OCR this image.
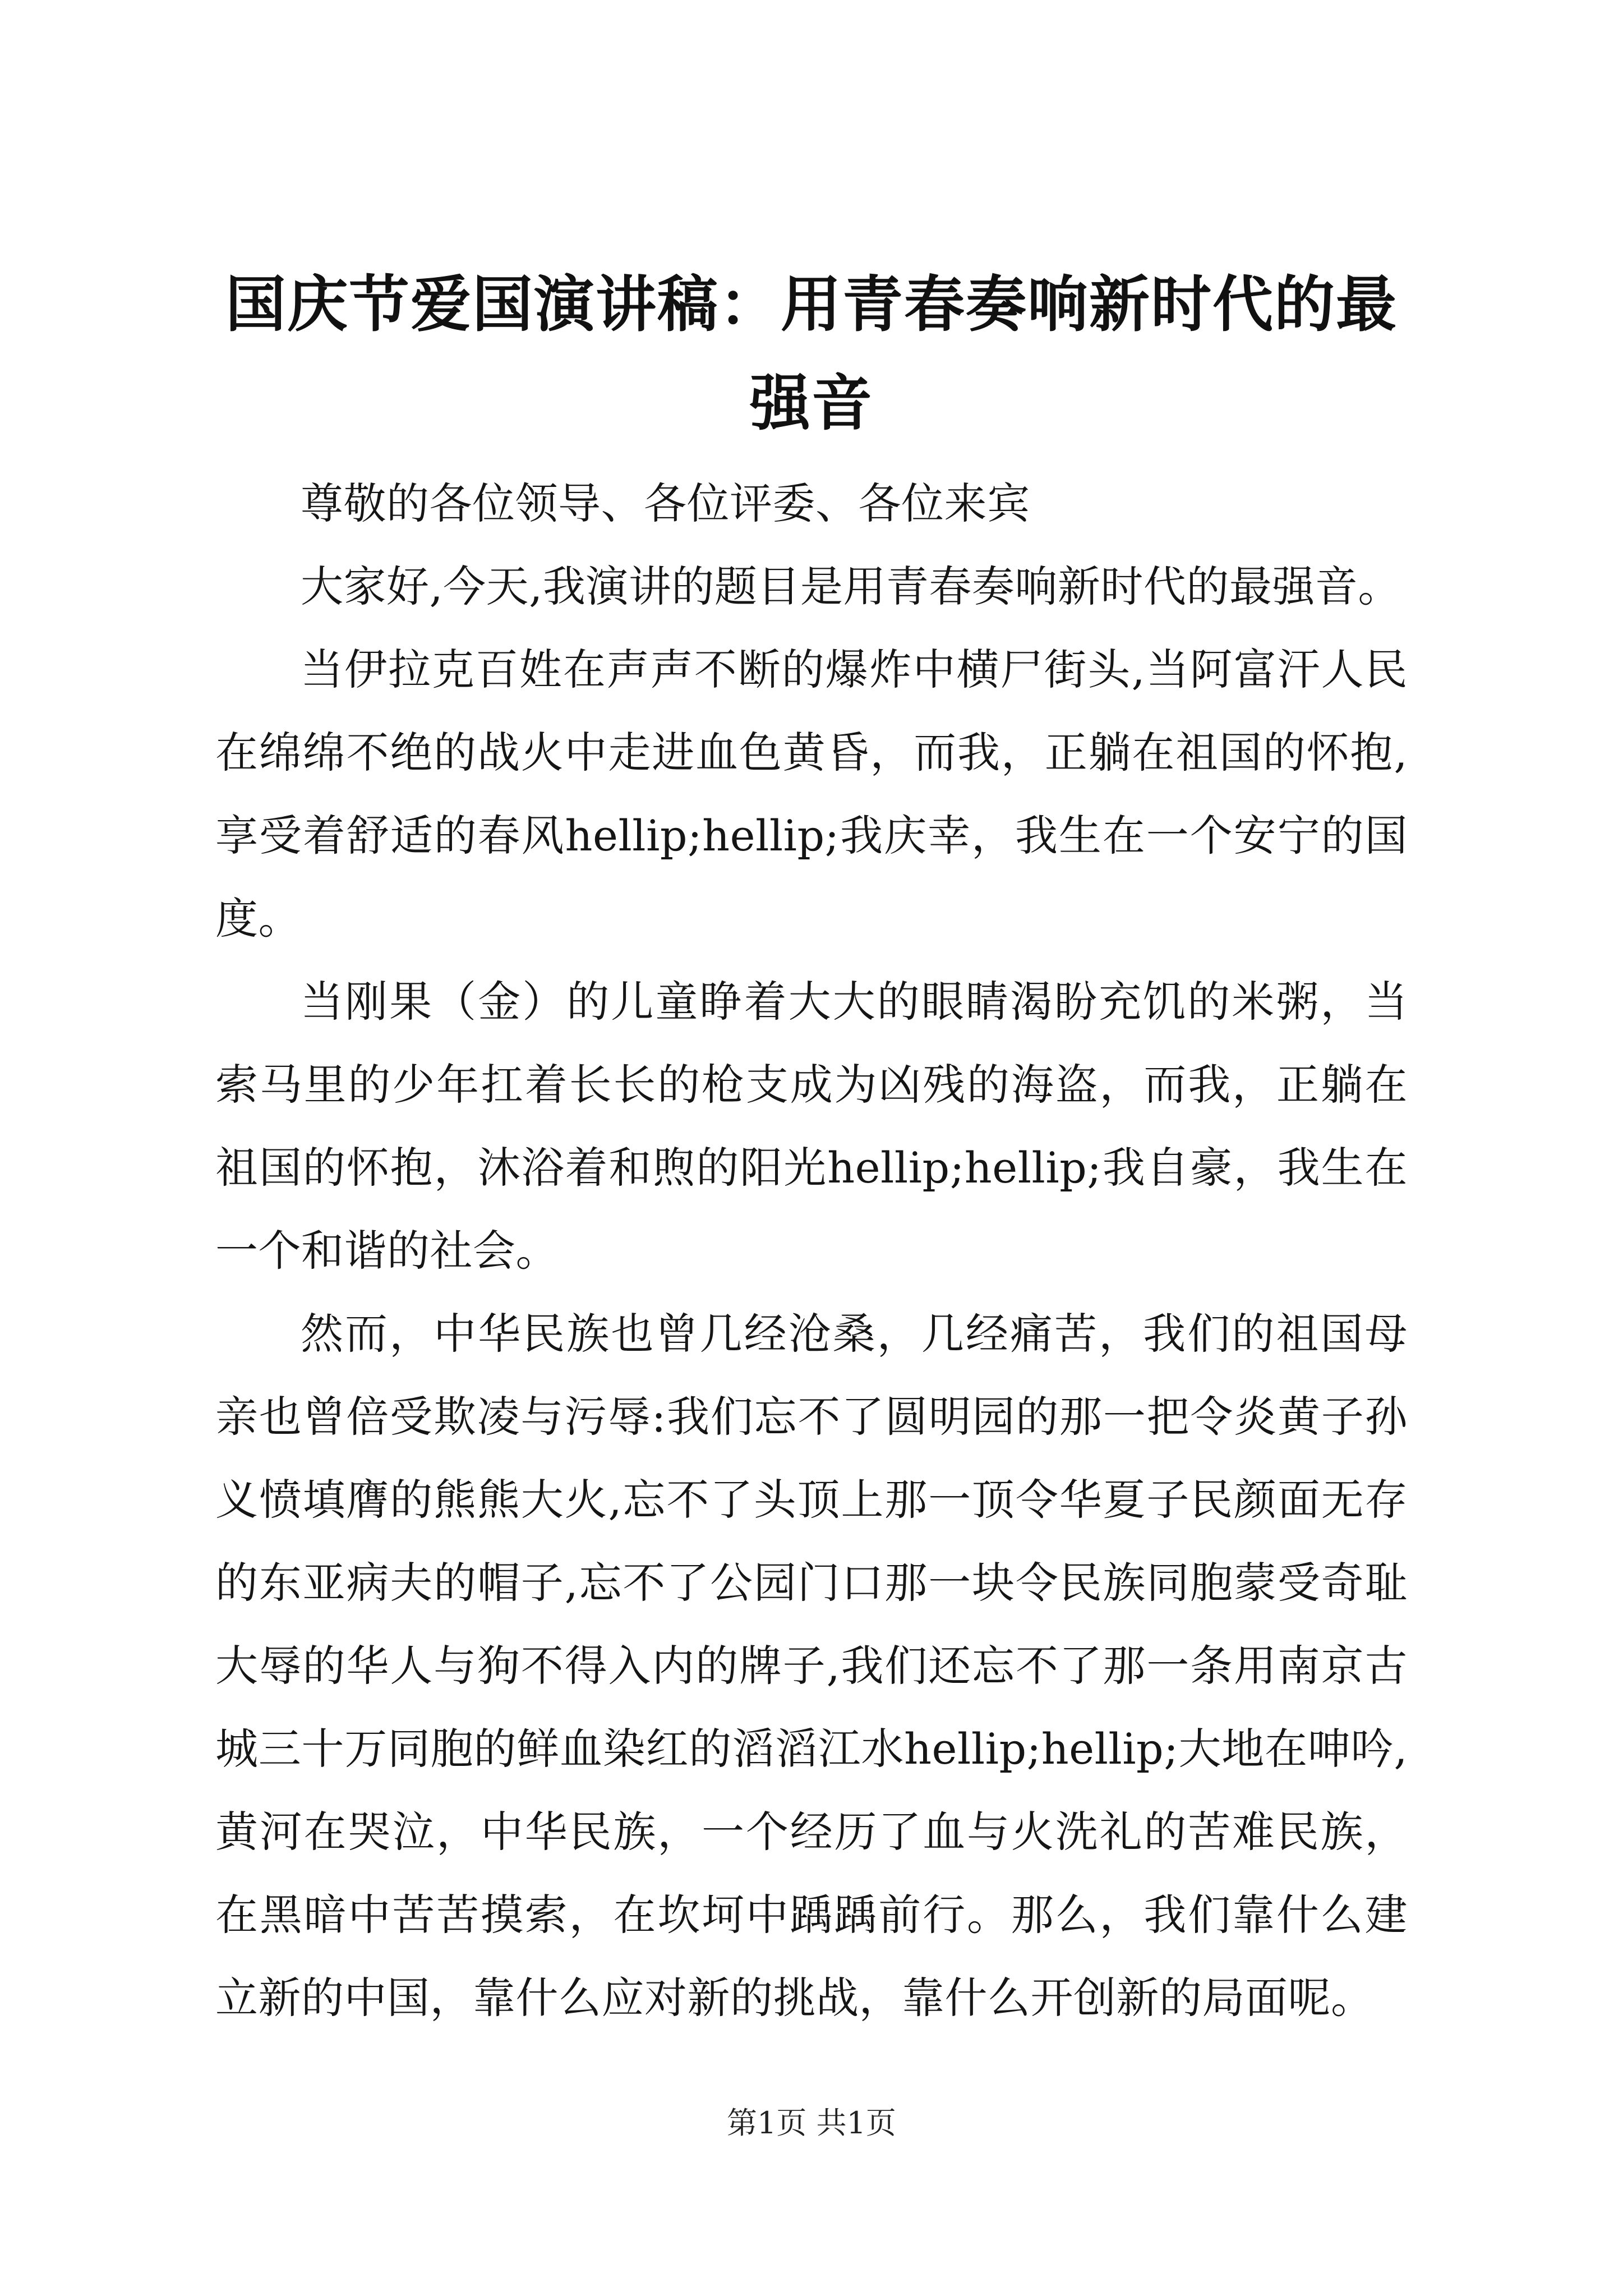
国庆节爱国演讲稿：用青春奏响新时代的最强音

尊敬的各位领导、各位评委、各位来宾

大家好,今天,我演讲的题目是用青春奏响新时代的最强音。

当伊拉克百姓在声声不断的爆炸中横尸街头,当阿富汗人民在绵绵不绝的战火中走进血色黄昏，而我，正躺在祖国的怀抱,享受着舒适的春风hellip;hellip;我庆幸，我生在一个安宁的国度。

当刚果（金）的儿童睁着大大的眼睛渴盼充饥的米粥，当索马里的少年扛着长长的枪支成为凶残的海盗，而我，正躺在祖国的怀抱，沐浴着和煦的阳光hellip;hellip;我自豪，我生在一个和谐的社会。

然而，中华民族也曾几经沧桑，几经痛苦，我们的祖国母亲也曾倍受欺凌与污辱:我们忘不了圆明园的那一把令炎黄子孙义愤填膺的熊熊大火,忘不了头顶上那一顶令华夏子民颜面无存的东亚病夫的帽子,忘不了公园门口那一块令民族同胞蒙受奇耻大辱的华人与狗不得入内的牌子,我们还忘不了那一条用南京古城三十万同胞的鲜血染红的滔滔江水hellip;hellip;大地在呻吟,黄河在哭泣，中华民族，一个经历了血与火洗礼的苦难民族，在黑暗中苦苦摸索，在坎坷中踽踽前行。那么，我们靠什么建立新的中国，靠什么应对新的挑战，靠什么开创新的局面呢。

第1页 共1页
